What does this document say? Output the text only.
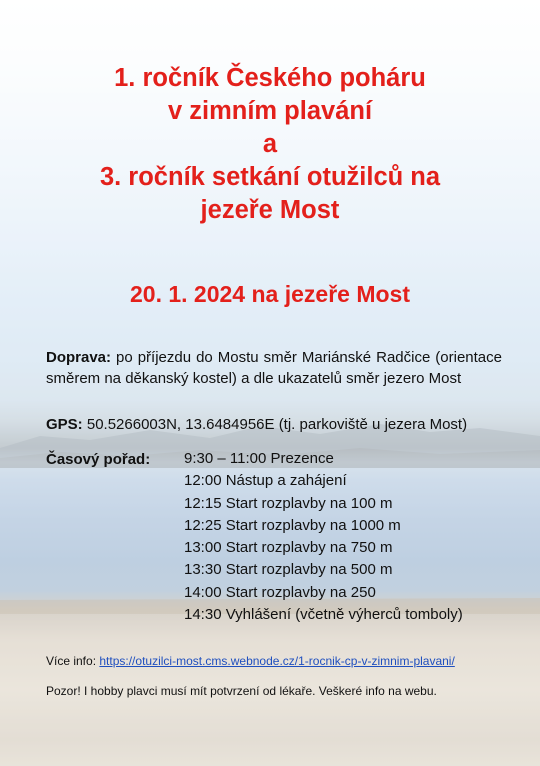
1. ročník Českého poháru
v zimním plavání
a
3. ročník setkání otužilců na
jezeře Most
20. 1. 2024 na jezeře Most

Doprava: po příjezdu do Mostu směr Mariánské Radčice (orientace směrem na děkanský kostel) a dle ukazatelů směr jezero Most

GPS: 50.5266003N, 13.6484956E (tj. parkoviště u jezera Most)

Časový pořad: 9:30 – 11:00 Prezence
12:00 Nástup a zahájení
12:15 Start rozplavby na 100 m
12:25 Start rozplavby na 1000 m
13:00 Start rozplavby na 750 m
13:30 Start rozplavby na 500 m
14:00 Start rozplavby na 250
14:30 Vyhlášení (včetně výherců tomboly)

Více info: https://otuzilci-most.cms.webnode.cz/1-rocnik-cp-v-zimnim-plavani/

Pozor! I hobby plavci musí mít potvrzení od lékaře. Veškeré info na webu.
